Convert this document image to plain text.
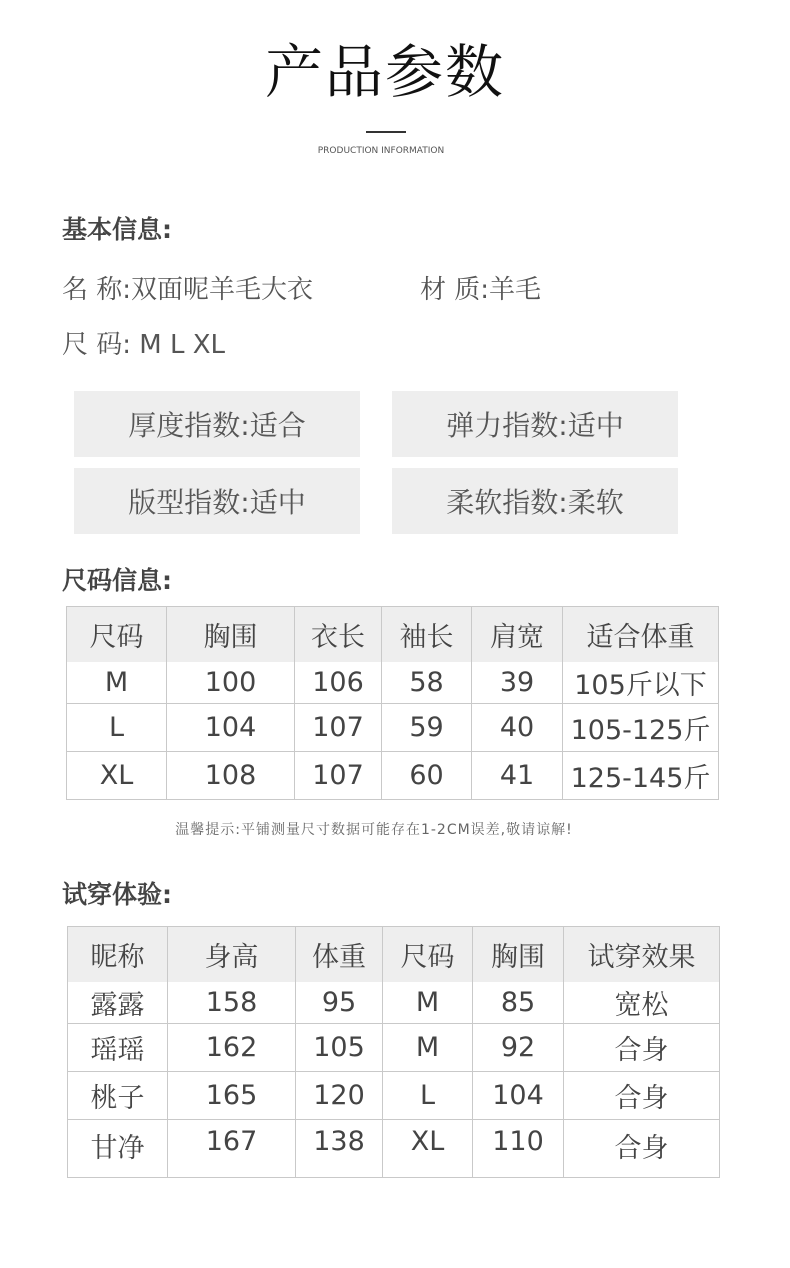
产品参数
PRODUCTION INFORMATION
基本信息:
名 称:双面呢羊毛大衣	材 质:羊毛
尺 码: M L XL
厚度指数:适合	弹力指数:适中
版型指数:适中	柔软指数:柔软
尺码信息:
尺码	胸围	衣长	袖长	肩宽	适合体重
M	100	106	58	39	105斤以下
L	104	107	59	40	105-125斤
XL	108	107	60	41	125-145斤
温馨提示:平铺测量尺寸数据可能存在1-2CM误差,敬请谅解!
试穿体验:
昵称	身高	体重	尺码	胸围	试穿效果
露露	158	95	M	85	宽松
瑶瑶	162	105	M	92	合身
桃子	165	120	L	104	合身
甘净	167	138	XL	110	合身
